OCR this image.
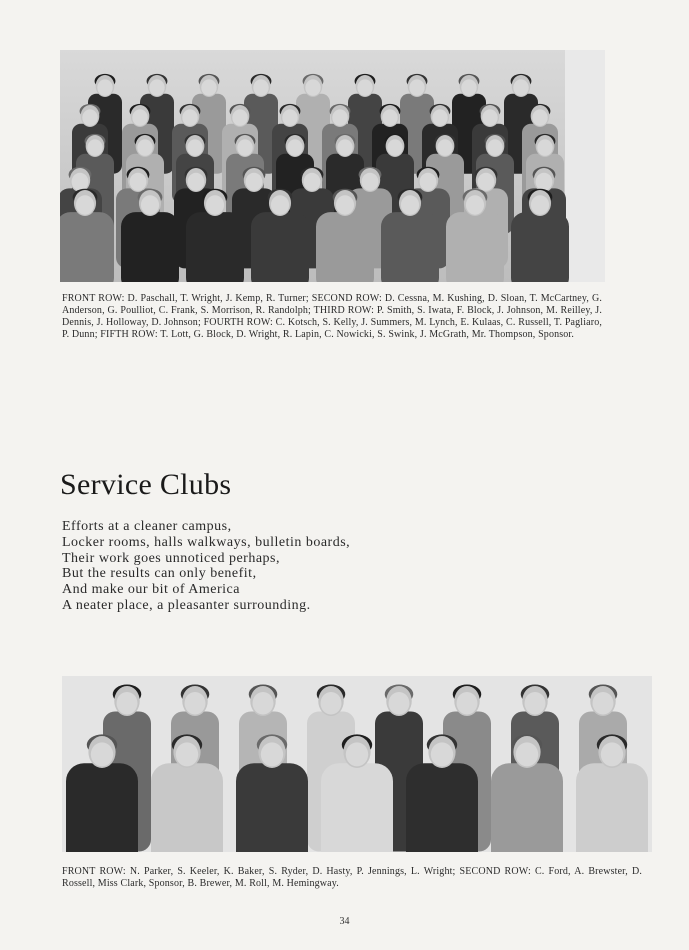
FRONT ROW: D. Paschall, T. Wright, J. Kemp, R. Turner; SECOND ROW: D. Cessna, M. Kushing, D. Sloan, T. McCartney, G. Anderson, G. Poulliot, C. Frank, S. Morrison, R. Randolph; THIRD ROW: P. Smith, S. Iwata, F. Block, J. Johnson, M. Reilley, J. Dennis, J. Holloway, D. Johnson; FOURTH ROW: C. Kotsch, S. Kelly, J. Summers, M. Lynch, E. Kulaas, C. Russell, T. Pagliaro, P. Dunn; FIFTH ROW: T. Lott, G. Block, D. Wright, R. Lapin, C. Nowicki, S. Swink, J. McGrath, Mr. Thompson, Sponsor.
Service Clubs
Efforts at a cleaner campus,
Locker rooms, halls walkways, bulletin boards,
Their work goes unnoticed perhaps,
But the results can only benefit,
And make our bit of America
A neater place, a pleasanter surrounding.
FRONT ROW: N. Parker, S. Keeler, K. Baker, S. Ryder, D. Hasty, P. Jennings, L. Wright; SECOND ROW: C. Ford, A. Brewster, D. Rossell, Miss Clark, Sponsor, B. Brewer, M. Roll, M. Hemingway.
34
